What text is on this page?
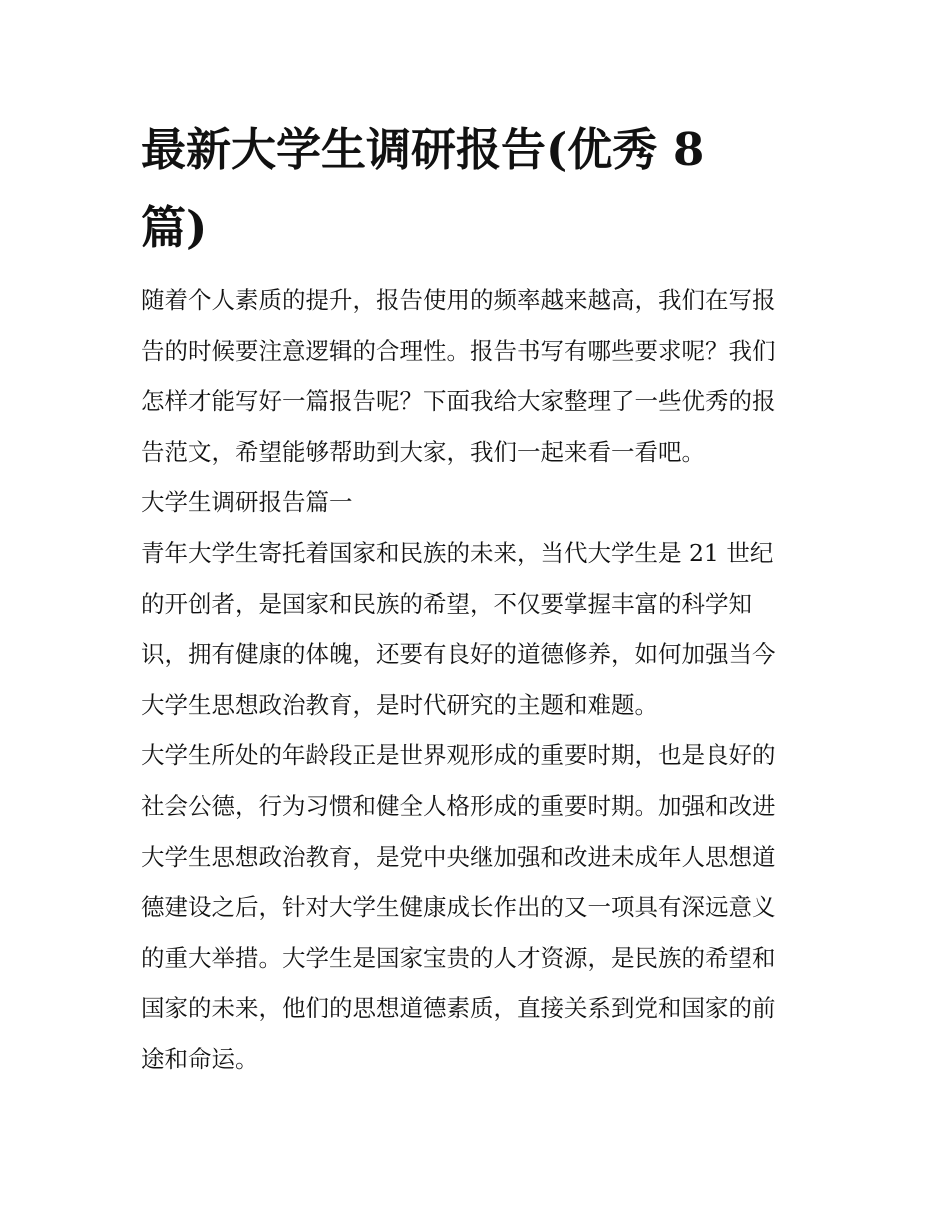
最新大学生调研报告(优秀 8
篇)
随着个人素质的提升，报告使用的频率越来越高，我们在写报
告的时候要注意逻辑的合理性。报告书写有哪些要求呢？我们
怎样才能写好一篇报告呢？下面我给大家整理了一些优秀的报
告范文，希望能够帮助到大家，我们一起来看一看吧。
大学生调研报告篇一
青年大学生寄托着国家和民族的未来，当代大学生是 21 世纪
的开创者，是国家和民族的希望，不仅要掌握丰富的科学知
识，拥有健康的体魄，还要有良好的道德修养，如何加强当今
大学生思想政治教育，是时代研究的主题和难题。
大学生所处的年龄段正是世界观形成的重要时期，也是良好的
社会公德，行为习惯和健全人格形成的重要时期。加强和改进
大学生思想政治教育，是党中央继加强和改进未成年人思想道
德建设之后，针对大学生健康成长作出的又一项具有深远意义
的重大举措。大学生是国家宝贵的人才资源，是民族的希望和
国家的未来，他们的思想道德素质，直接关系到党和国家的前
途和命运。
